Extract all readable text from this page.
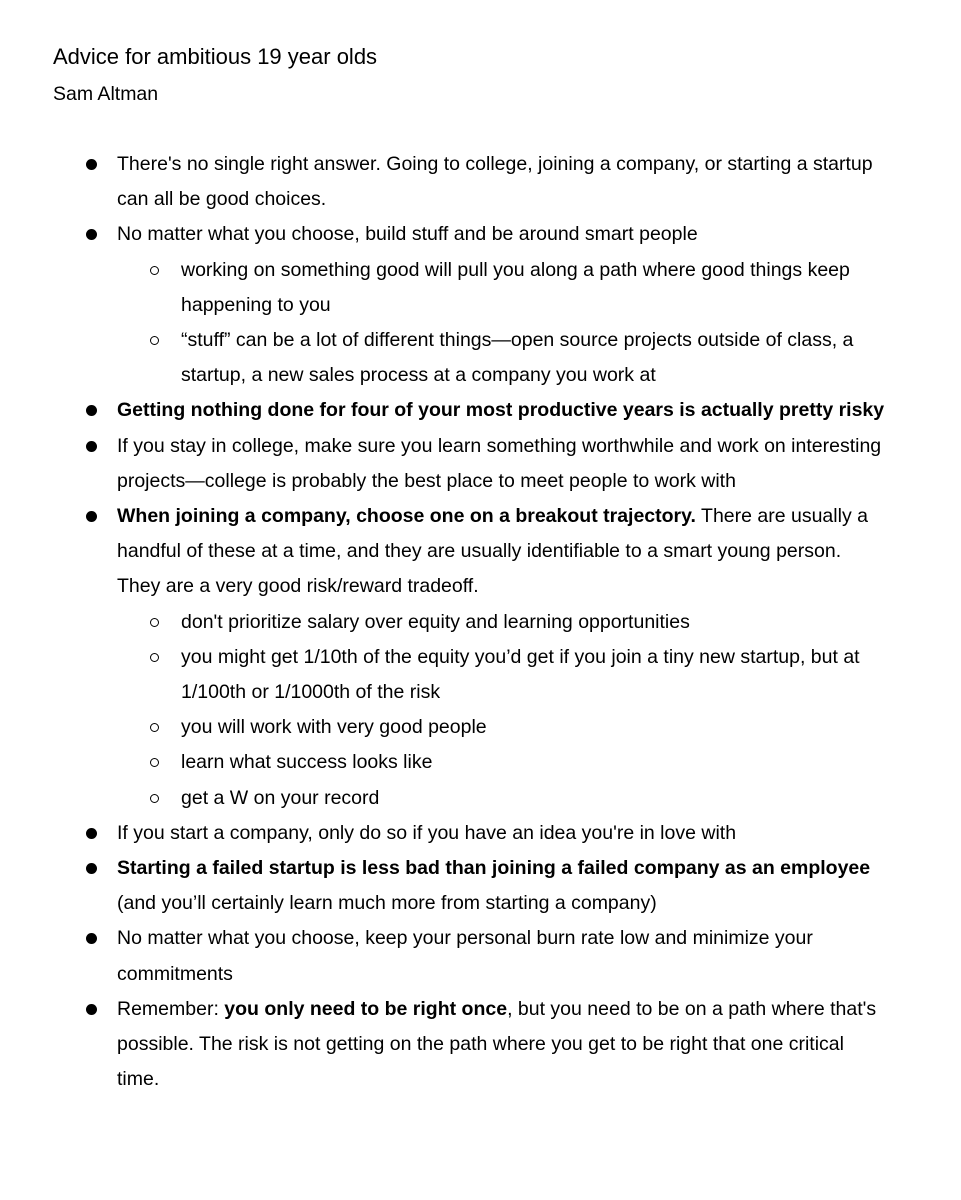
Advice for ambitious 19 year olds
Sam Altman
There's no single right answer. Going to college, joining a company, or starting a startup can all be good choices.
No matter what you choose, build stuff and be around smart people
working on something good will pull you along a path where good things keep happening to you
“stuff” can be a lot of different things—open source projects outside of class, a startup, a new sales process at a company you work at
Getting nothing done for four of your most productive years is actually pretty risky
If you stay in college, make sure you learn something worthwhile and work on interesting projects—college is probably the best place to meet people to work with
When joining a company, choose one on a breakout trajectory. There are usually a handful of these at a time, and they are usually identifiable to a smart young person. They are a very good risk/reward tradeoff.
don't prioritize salary over equity and learning opportunities
you might get 1/10th of the equity you’d get if you join a tiny new startup, but at 1/100th or 1/1000th of the risk
you will work with very good people
learn what success looks like
get a W on your record
If you start a company, only do so if you have an idea you're in love with
Starting a failed startup is less bad than joining a failed company as an employee (and you’ll certainly learn much more from starting a company)
No matter what you choose, keep your personal burn rate low and minimize your commitments
Remember: you only need to be right once, but you need to be on a path where that's possible. The risk is not getting on the path where you get to be right that one critical time.
